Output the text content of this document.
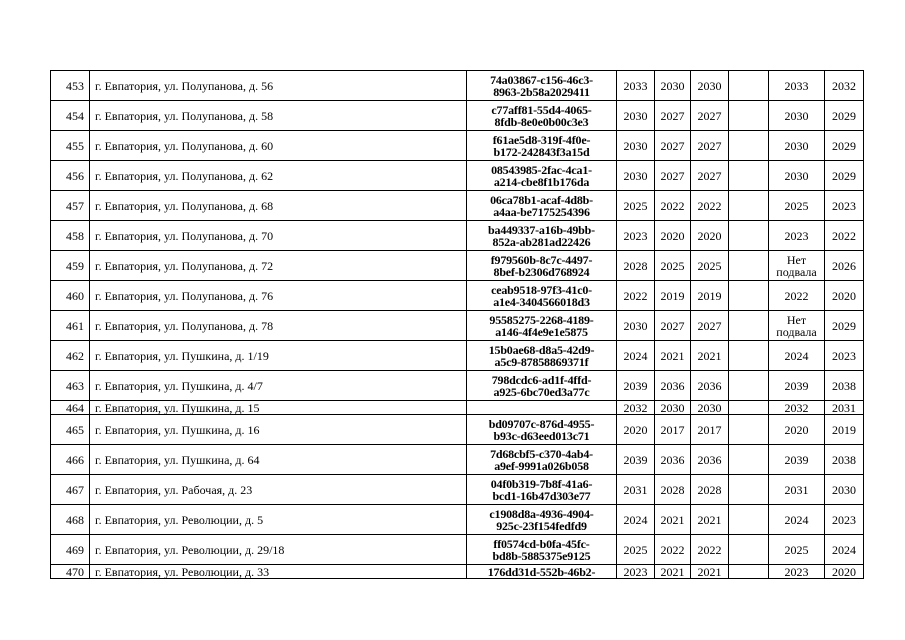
453	г. Евпатория, ул. Полупанова, д. 56	74a03867-c156-46c3-
8963-2b58a2029411	2033	2030	2030		2033	2032
454	г. Евпатория, ул. Полупанова, д. 58	c77aff81-55d4-4065-
8fdb-8e0e0b00c3e3	2030	2027	2027		2030	2029
455	г. Евпатория, ул. Полупанова, д. 60	f61ae5d8-319f-4f0e-
b172-242843f3a15d	2030	2027	2027		2030	2029
456	г. Евпатория, ул. Полупанова, д. 62	08543985-2fac-4ca1-
a214-cbe8f1b176da	2030	2027	2027		2030	2029
457	г. Евпатория, ул. Полупанова, д. 68	06ca78b1-acaf-4d8b-
a4aa-be7175254396	2025	2022	2022		2025	2023
458	г. Евпатория, ул. Полупанова, д. 70	ba449337-a16b-49bb-
852a-ab281ad22426	2023	2020	2020		2023	2022
459	г. Евпатория, ул. Полупанова, д. 72	f979560b-8c7c-4497-
8bef-b2306d768924	2028	2025	2025		Нет
подвала	2026
460	г. Евпатория, ул. Полупанова, д. 76	ceab9518-97f3-41c0-
a1e4-3404566018d3	2022	2019	2019		2022	2020
461	г. Евпатория, ул. Полупанова, д. 78	95585275-2268-4189-
a146-4f4e9e1e5875	2030	2027	2027		Нет
подвала	2029
462	г. Евпатория, ул. Пушкина, д. 1/19	15b0ae68-d8a5-42d9-
a5c9-87858869371f	2024	2021	2021		2024	2023
463	г. Евпатория, ул. Пушкина, д. 4/7	798dcdc6-ad1f-4ffd-
a925-6bc70ed3a77c	2039	2036	2036		2039	2038
464	г. Евпатория, ул. Пушкина, д. 15		2032	2030	2030		2032	2031
465	г. Евпатория, ул. Пушкина, д. 16	bd09707c-876d-4955-
b93c-d63eed013c71	2020	2017	2017		2020	2019
466	г. Евпатория, ул. Пушкина, д. 64	7d68cbf5-c370-4ab4-
a9ef-9991a026b058	2039	2036	2036		2039	2038
467	г. Евпатория, ул. Рабочая, д. 23	04f0b319-7b8f-41a6-
bcd1-16b47d303e77	2031	2028	2028		2031	2030
468	г. Евпатория, ул. Революции, д. 5	c1908d8a-4936-4904-
925c-23f154fedfd9	2024	2021	2021		2024	2023
469	г. Евпатория, ул. Революции, д. 29/18	ff0574cd-b0fa-45fc-
bd8b-5885375e9125	2025	2022	2022		2025	2024
470	г. Евпатория, ул. Революции, д. 33	176dd31d-552b-46b2-	2023	2021	2021		2023	2020
